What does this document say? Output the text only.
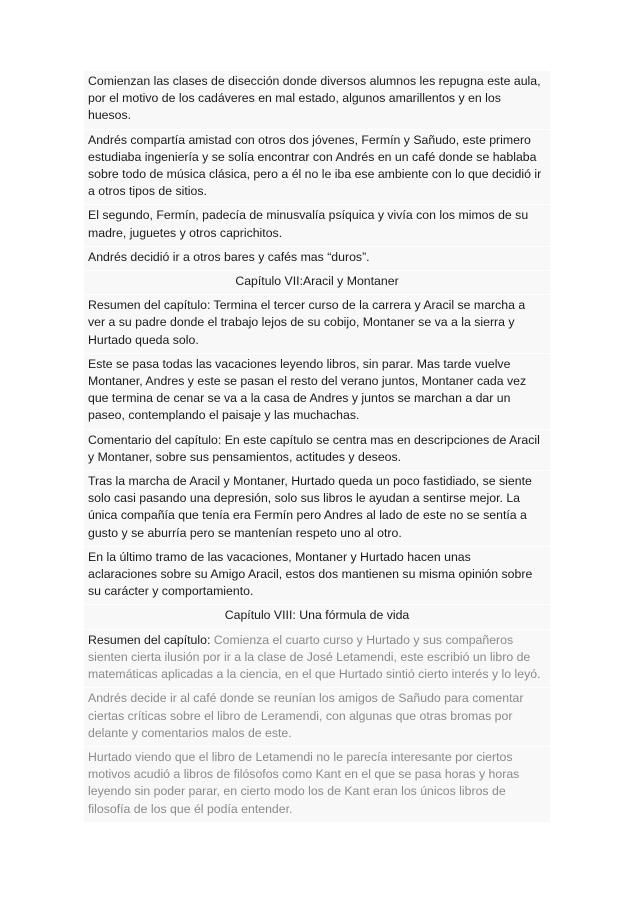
Comienzan las clases de disección donde diversos alumnos les repugna este aula,
por el motivo de los cadáveres en mal estado, algunos amarillentos y en los
huesos.
Andrés compartía amistad con otros dos jóvenes, Fermín y Sañudo, este primero
estudiaba ingeniería y se solía encontrar con Andrés en un café donde se hablaba
sobre todo de música clásica, pero a él no le iba ese ambiente con lo que decidió ir
a otros tipos de sitios.
El segundo, Fermín, padecía de minusvalía psíquica y vivía con los mimos de su
madre, juguetes y otros caprichitos.
Andrés decidió ir a otros bares y cafés mas “duros”.
Capítulo VII:Aracil y Montaner
Resumen del capítulo: Termina el tercer curso de la carrera y Aracil se marcha a
ver a su padre donde el trabajo lejos de su cobijo, Montaner se va a la sierra y
Hurtado queda solo.
Este se pasa todas las vacaciones leyendo libros, sin parar. Mas tarde vuelve
Montaner, Andres y este se pasan el resto del verano juntos, Montaner cada vez
que termina de cenar se va a la casa de Andres y juntos se marchan a dar un
paseo, contemplando el paisaje y las muchachas.
Comentario del capítulo: En este capítulo se centra mas en descripciones de Aracil
y Montaner, sobre sus pensamientos, actitudes y deseos.
Tras la marcha de Aracil y Montaner, Hurtado queda un poco fastidiado, se siente
solo casi pasando una depresión, solo sus libros le ayudan a sentirse mejor. La
única compañía que tenía era Fermín pero Andres al lado de este no se sentía a
gusto y se aburría pero se mantenían respeto uno al otro.
En la último tramo de las vacaciones, Montaner y Hurtado hacen unas
aclaraciones sobre su Amigo Aracil, estos dos mantienen su misma opinión sobre
su carácter y comportamiento.
Capítulo VIII: Una fórmula de vida
Resumen del capítulo: Comienza el cuarto curso y Hurtado y sus compañeros
sienten cierta ilusión por ir a la clase de José Letamendi, este escribió un libro de
matemáticas aplicadas a la ciencia, en el que Hurtado sintió cierto interés y lo leyó.
Andrés decide ir al café donde se reunían los amigos de Sañudo para comentar
ciertas críticas sobre el libro de Leramendi, con algunas que otras bromas por
delante y comentarios malos de este.
Hurtado viendo que el libro de Letamendi no le parecía interesante por ciertos
motivos acudió a libros de filósofos como Kant en el que se pasa horas y horas
leyendo sin poder parar, en cierto modo los de Kant eran los únicos libros de
filosofía de los que él podía entender.
